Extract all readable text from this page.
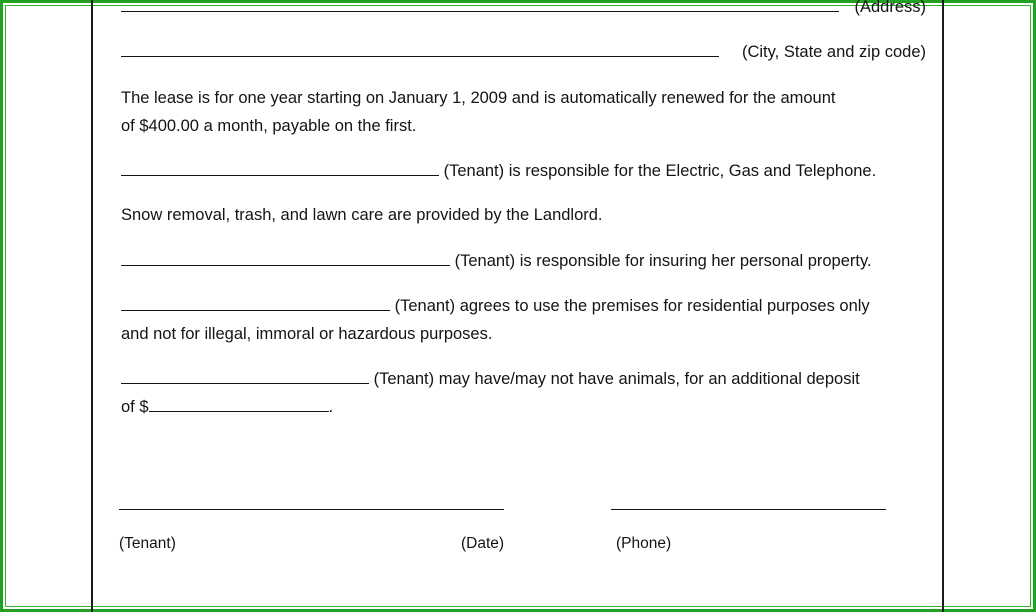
(Address)
(City, State and zip code)
The lease is for one year starting on January 1, 2009 and is automatically renewed for the amount
of $400.00 a month, payable on the first.
(Tenant) is responsible for the Electric, Gas and Telephone.
Snow removal, trash, and lawn care are provided by the Landlord.
(Tenant) is responsible for insuring her personal property.
(Tenant) agrees to use the premises for residential purposes only
and not for illegal, immoral or hazardous purposes.
(Tenant) may have/may not have animals, for an additional deposit
of $	.
(Tenant)	(Date)	(Phone)
